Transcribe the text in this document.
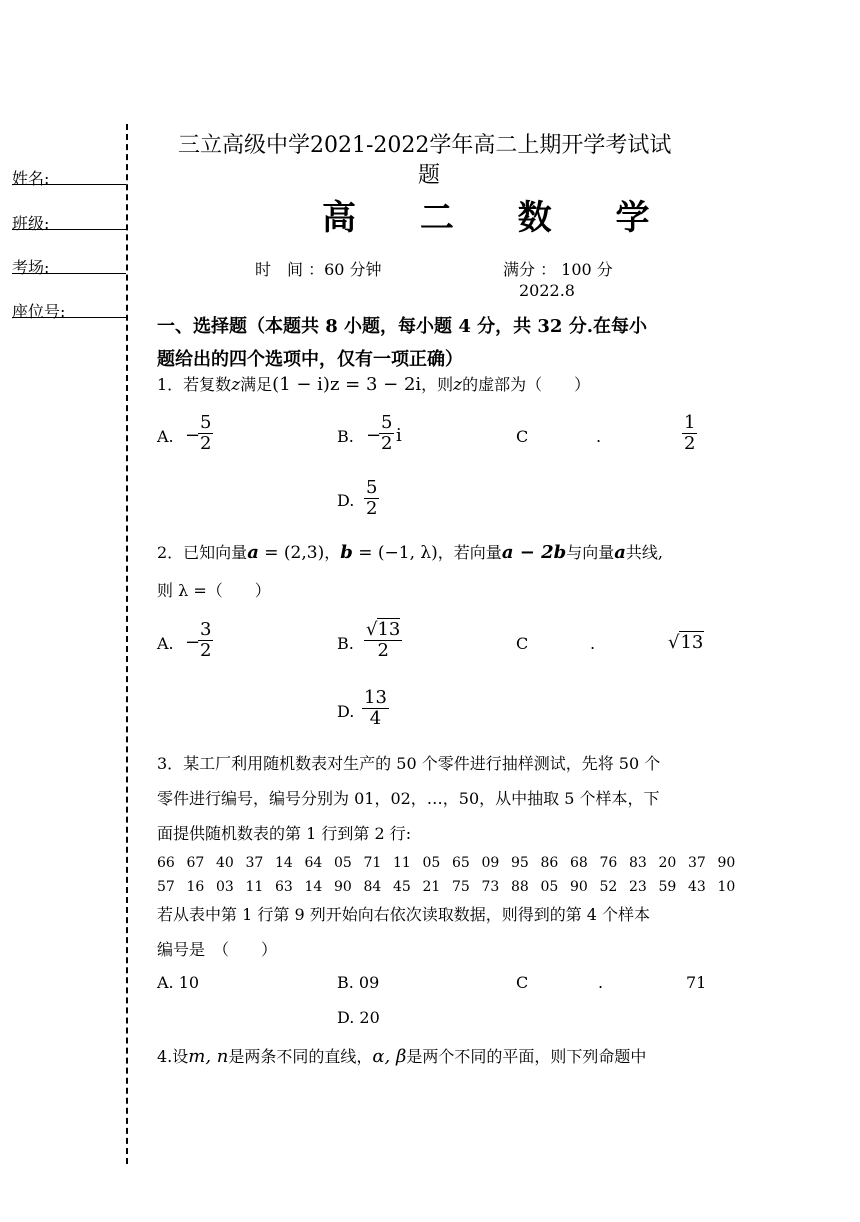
姓名:
班级:
考场:
座位号:
三立高级中学2021-2022学年高二上期开学考试试
题
高 二 数 学
时　间 ：60 分钟	满分 ： 100 分
2022.8
一、选择题（本题共 8 小题，每小题 4 分，共 32 分.在每小
题给出的四个选项中，仅有一项正确）
1．若复数z满足(1 − i)z = 3 − 2i，则z的虚部为（　　）
A. −
$\frac{5}{2}$	B. −
$\frac{5}{2}$ i	C	.	$\frac{1}{2}$
D. $\frac{5}{2}$
2．已知向量a = (2,3)，b = (−1, λ)，若向量a − 2b与向量a共线,
则 λ =（　　）
A. −
$\frac{3}{2}$	B. $\frac{√13}{2}$	C	.	√13
D. $\frac{13}{4}$
3．某工厂利用随机数表对生产的 50 个零件进行抽样测试，先将 50 个
零件进行编号，编号分别为 01，02，…，50，从中抽取 5 个样本，下
面提供随机数表的第 1 行到第 2 行:
66 67 40 37 14 64 05 71 11 05 65 09 95 86 68 76 83 20 37 90
57 16 03 11 63 14 90 84 45 21 75 73 88 05 90 52 23 59 43 10
若从表中第 1 行第 9 列开始向右依次读取数据，则得到的第 4 个样本
编号是　（　　）
A. 10	B. 09	C	.	71
D. 20
4.设m, n是两条不同的直线，α, β是两个不同的平面，则下列命题中
